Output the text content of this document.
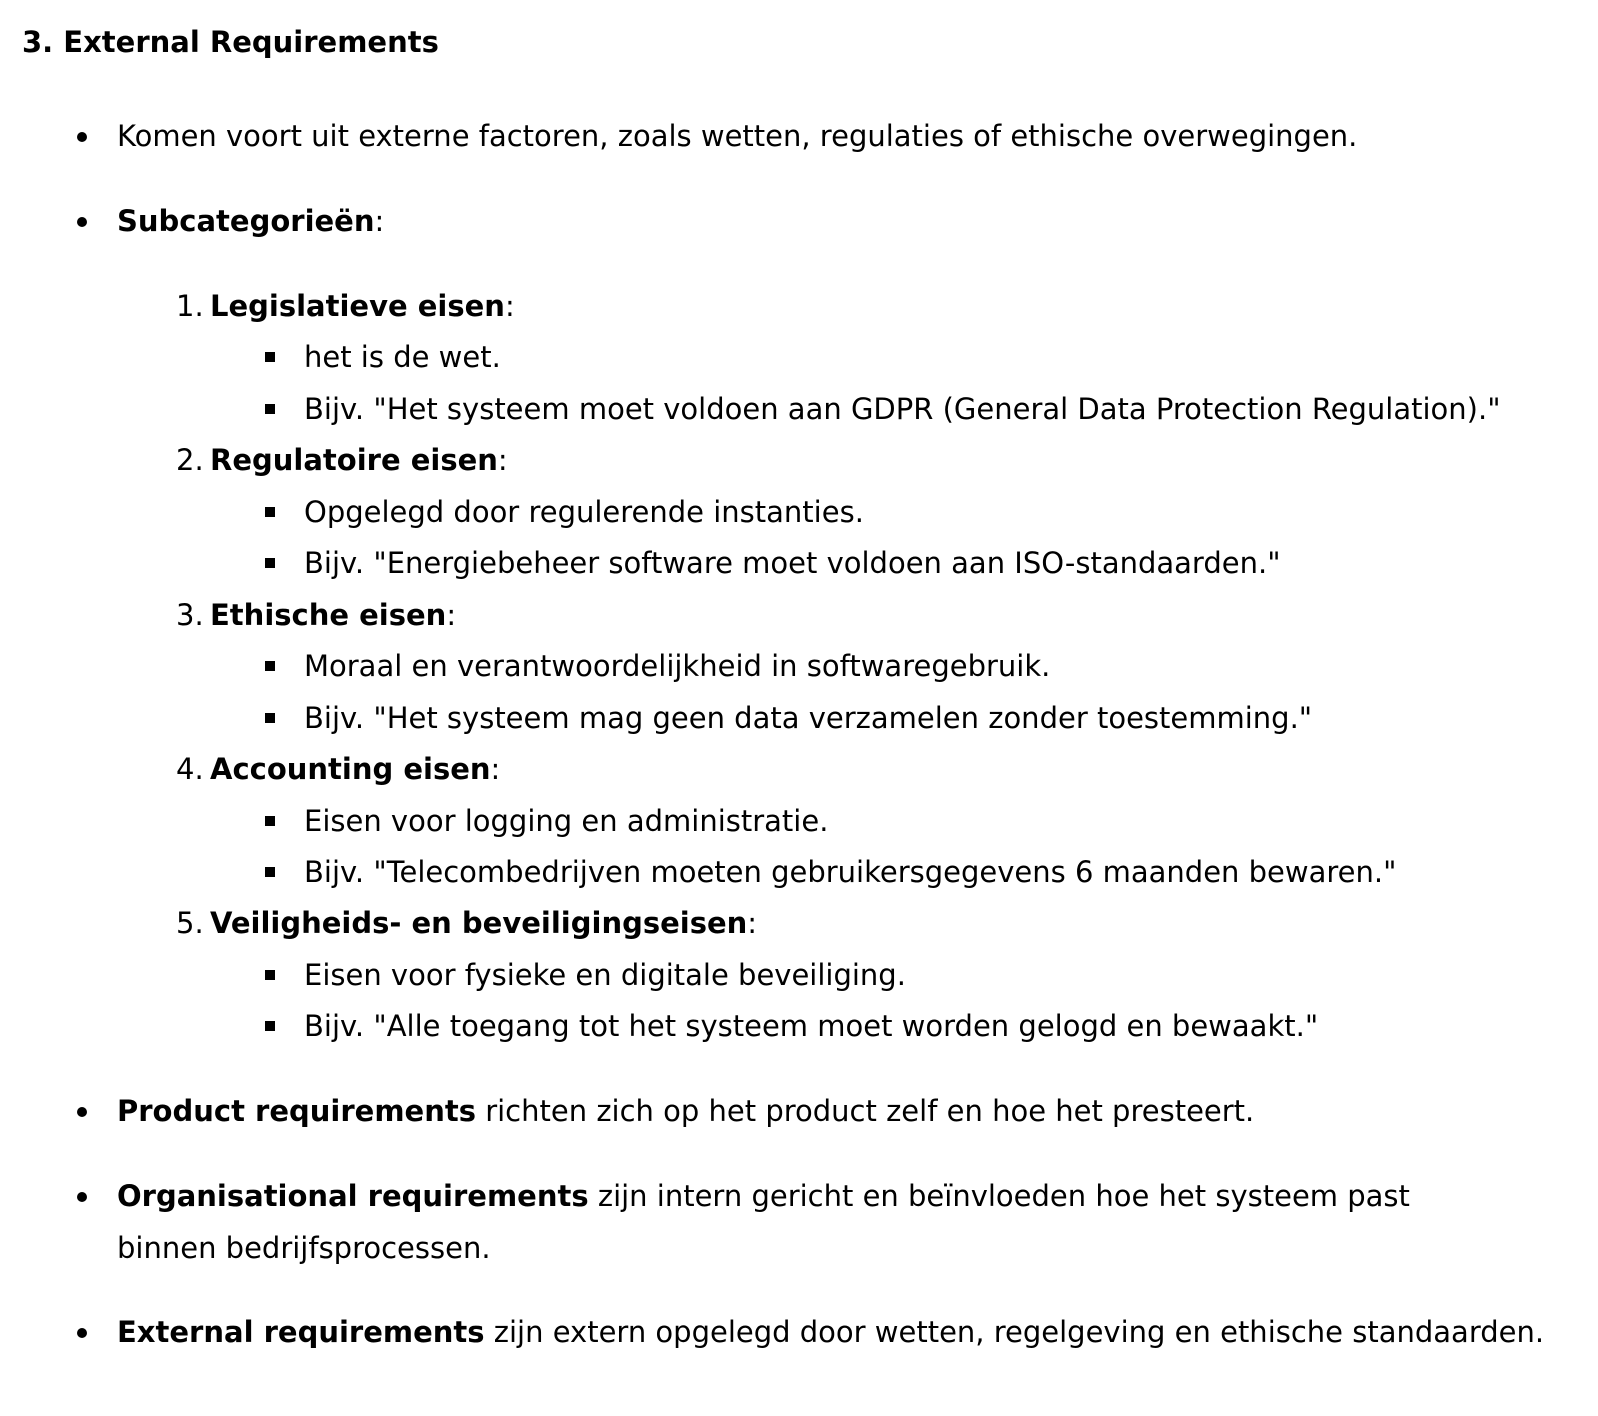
3. External Requirements
Komen voort uit externe factoren, zoals wetten, regulaties of ethische overwegingen.
Subcategorieën:
1. Legislatieve eisen:
het is de wet.
Bijv. "Het systeem moet voldoen aan GDPR (General Data Protection Regulation)."
2. Regulatoire eisen:
Opgelegd door regulerende instanties.
Bijv. "Energiebeheer software moet voldoen aan ISO-standaarden."
3. Ethische eisen:
Moraal en verantwoordelijkheid in softwaregebruik.
Bijv. "Het systeem mag geen data verzamelen zonder toestemming."
4. Accounting eisen:
Eisen voor logging en administratie.
Bijv. "Telecombedrijven moeten gebruikersgegevens 6 maanden bewaren."
5. Veiligheids- en beveiligingseisen:
Eisen voor fysieke en digitale beveiliging.
Bijv. "Alle toegang tot het systeem moet worden gelogd en bewaakt."
Product requirements richten zich op het product zelf en hoe het presteert.
Organisational requirements zijn intern gericht en beïnvloeden hoe het systeem past binnen bedrijfsprocessen.
External requirements zijn extern opgelegd door wetten, regelgeving en ethische standaarden.
